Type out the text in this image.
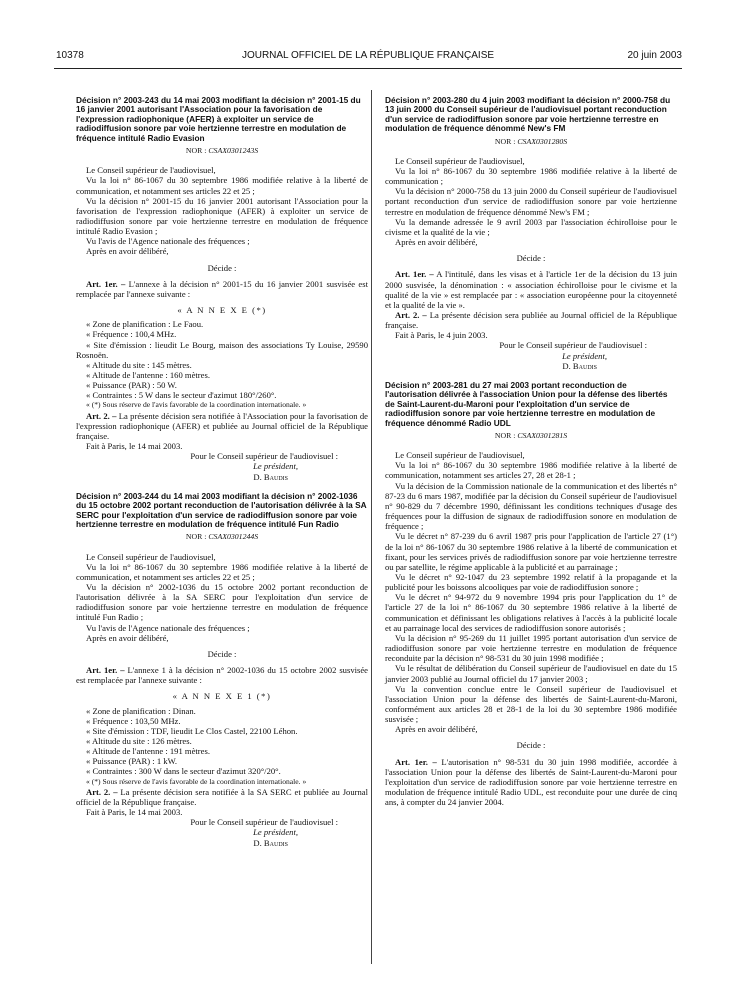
10378	JOURNAL OFFICIEL DE LA RÉPUBLIQUE FRANÇAISE	20 juin 2003
Décision n° 2003-243 du 14 mai 2003 modifiant la décision n° 2001-15 du 16 janvier 2001 autorisant l'Association pour la favorisation de l'expression radiophonique (AFER) à exploiter un service de radiodiffusion sonore par voie hertzienne terrestre en modulation de fréquence intitulé Radio Evasion
NOR : CSAX0301243S

Le Conseil supérieur de l'audiovisuel,

Vu la loi n° 86-1067 du 30 septembre 1986 modifiée relative à la liberté de communication, et notamment ses articles 22 et 25 ;

Vu la décision n° 2001-15 du 16 janvier 2001 autorisant l'Association pour la favorisation de l'expression radiophonique (AFER) à exploiter un service de radiodiffusion sonore par voie hertzienne terrestre en modulation de fréquence intitulé Radio Evasion ;

Vu l'avis de l'Agence nationale des fréquences ;

Après en avoir délibéré,

Décide :

Art. 1er. – L'annexe à la décision n° 2001-15 du 16 janvier 2001 susvisée est remplacée par l'annexe suivante :

« A N N E X E (*)

« Zone de planification : Le Faou.

« Fréquence : 100,4 MHz.

« Site d'émission : lieudit Le Bourg, maison des associations Ty Louise, 29590 Rosnoën.

« Altitude du site : 145 mètres.

« Altitude de l'antenne : 160 mètres.

« Puissance (PAR) : 50 W.

« Contraintes : 5 W dans le secteur d'azimut 180°/260°.

« (*) Sous réserve de l'avis favorable de la coordination internationale. »

Art. 2. – La présente décision sera notifiée à l'Association pour la favorisation de l'expression radiophonique (AFER) et publiée au Journal officiel de la République française.

Fait à Paris, le 14 mai 2003.

Pour le Conseil supérieur de l'audiovisuel :

Le président,

D. Baudis

Décision n° 2003-244 du 14 mai 2003 modifiant la décision n° 2002-1036 du 15 octobre 2002 portant reconduction de l'autorisation délivrée à la SA SERC pour l'exploitation d'un service de radiodiffusion sonore par voie hertzienne terrestre en modulation de fréquence intitulé Fun Radio
NOR : CSAX0301244S

Le Conseil supérieur de l'audiovisuel,

Vu la loi n° 86-1067 du 30 septembre 1986 modifiée relative à la liberté de communication, et notamment ses articles 22 et 25 ;

Vu la décision n° 2002-1036 du 15 octobre 2002 portant reconduction de l'autorisation délivrée à la SA SERC pour l'exploitation d'un service de radiodiffusion sonore par voie hertzienne terrestre en modulation de fréquence intitulé Fun Radio ;

Vu l'avis de l'Agence nationale des fréquences ;

Après en avoir délibéré,

Décide :

Art. 1er. – L'annexe 1 à la décision n° 2002-1036 du 15 octobre 2002 susvisée est remplacée par l'annexe suivante :

« A N N E X E 1 (*)

« Zone de planification : Dinan.

« Fréquence : 103,50 MHz.

« Site d'émission : TDF, lieudit Le Clos Castel, 22100 Léhon.

« Altitude du site : 126 mètres.

« Altitude de l'antenne : 191 mètres.

« Puissance (PAR) : 1 kW.

« Contraintes : 300 W dans le secteur d'azimut 320°/20°.

« (*) Sous réserve de l'avis favorable de la coordination internationale. »

Art. 2. – La présente décision sera notifiée à la SA SERC et publiée au Journal officiel de la République française.

Fait à Paris, le 14 mai 2003.

Pour le Conseil supérieur de l'audiovisuel :

Le président,

D. Baudis

Décision n° 2003-280 du 4 juin 2003 modifiant la décision n° 2000-758 du 13 juin 2000 du Conseil supérieur de l'audiovisuel portant reconduction d'un service de radiodiffusion sonore par voie hertzienne terrestre en modulation de fréquence dénommé New's FM
NOR : CSAX0301280S

Le Conseil supérieur de l'audiovisuel,

Vu la loi n° 86-1067 du 30 septembre 1986 modifiée relative à la liberté de communication ;

Vu la décision n° 2000-758 du 13 juin 2000 du Conseil supérieur de l'audiovisuel portant reconduction d'un service de radiodiffusion sonore par voie hertzienne terrestre en modulation de fréquence dénommé New's FM ;

Vu la demande adressée le 9 avril 2003 par l'association échirolloise pour le civisme et la qualité de la vie ;

Après en avoir délibéré,

Décide :

Art. 1er. – A l'intitulé, dans les visas et à l'article 1er de la décision du 13 juin 2000 susvisée, la dénomination : « association échirolloise pour le civisme et la qualité de la vie » est remplacée par : « association européenne pour la citoyenneté et la qualité de la vie ».

Art. 2. – La présente décision sera publiée au Journal officiel de la République française.

Fait à Paris, le 4 juin 2003.

Pour le Conseil supérieur de l'audiovisuel :

Le président,

D. Baudis

Décision n° 2003-281 du 27 mai 2003 portant reconduction de l'autorisation délivrée à l'association Union pour la défense des libertés de Saint-Laurent-du-Maroni pour l'exploitation d'un service de radiodiffusion sonore par voie hertzienne terrestre en modulation de fréquence dénommé Radio UDL
NOR : CSAX0301281S

Le Conseil supérieur de l'audiovisuel,

Vu la loi n° 86-1067 du 30 septembre 1986 modifiée relative à la liberté de communication, notamment ses articles 27, 28 et 28-1 ;

Vu la décision de la Commission nationale de la communication et des libertés n° 87-23 du 6 mars 1987, modifiée par la décision du Conseil supérieur de l'audiovisuel n° 90-829 du 7 décembre 1990, définissant les conditions techniques d'usage des fréquences pour la diffusion de signaux de radiodiffusion sonore en modulation de fréquence ;

Vu le décret n° 87-239 du 6 avril 1987 pris pour l'application de l'article 27 (1°) de la loi n° 86-1067 du 30 septembre 1986 relative à la liberté de communication et fixant, pour les services privés de radiodiffusion sonore par voie hertzienne terrestre ou par satellite, le régime applicable à la publicité et au parrainage ;

Vu le décret n° 92-1047 du 23 septembre 1992 relatif à la propagande et la publicité pour les boissons alcooliques par voie de radiodiffusion sonore ;

Vu le décret n° 94-972 du 9 novembre 1994 pris pour l'application du 1° de l'article 27 de la loi n° 86-1067 du 30 septembre 1986 relative à la liberté de communication et définissant les obligations relatives à l'accès à la publicité locale et au parrainage local des services de radiodiffusion sonore autorisés ;

Vu la décision n° 95-269 du 11 juillet 1995 portant autorisation d'un service de radiodiffusion sonore par voie hertzienne terrestre en modulation de fréquence reconduite par la décision n° 98-531 du 30 juin 1998 modifiée ;

Vu le résultat de délibération du Conseil supérieur de l'audiovisuel en date du 15 janvier 2003 publié au Journal officiel du 17 janvier 2003 ;

Vu la convention conclue entre le Conseil supérieur de l'audiovisuel et l'association Union pour la défense des libertés de Saint-Laurent-du-Maroni, conformément aux articles 28 et 28-1 de la loi du 30 septembre 1986 modifiée susvisée ;

Après en avoir délibéré,

Décide :

Art. 1er. – L'autorisation n° 98-531 du 30 juin 1998 modifiée, accordée à l'association Union pour la défense des libertés de Saint-Laurent-du-Maroni pour l'exploitation d'un service de radiodiffusion sonore par voie hertzienne terrestre en modulation de fréquence intitulé Radio UDL, est reconduite pour une durée de cinq ans, à compter du 24 janvier 2004.
